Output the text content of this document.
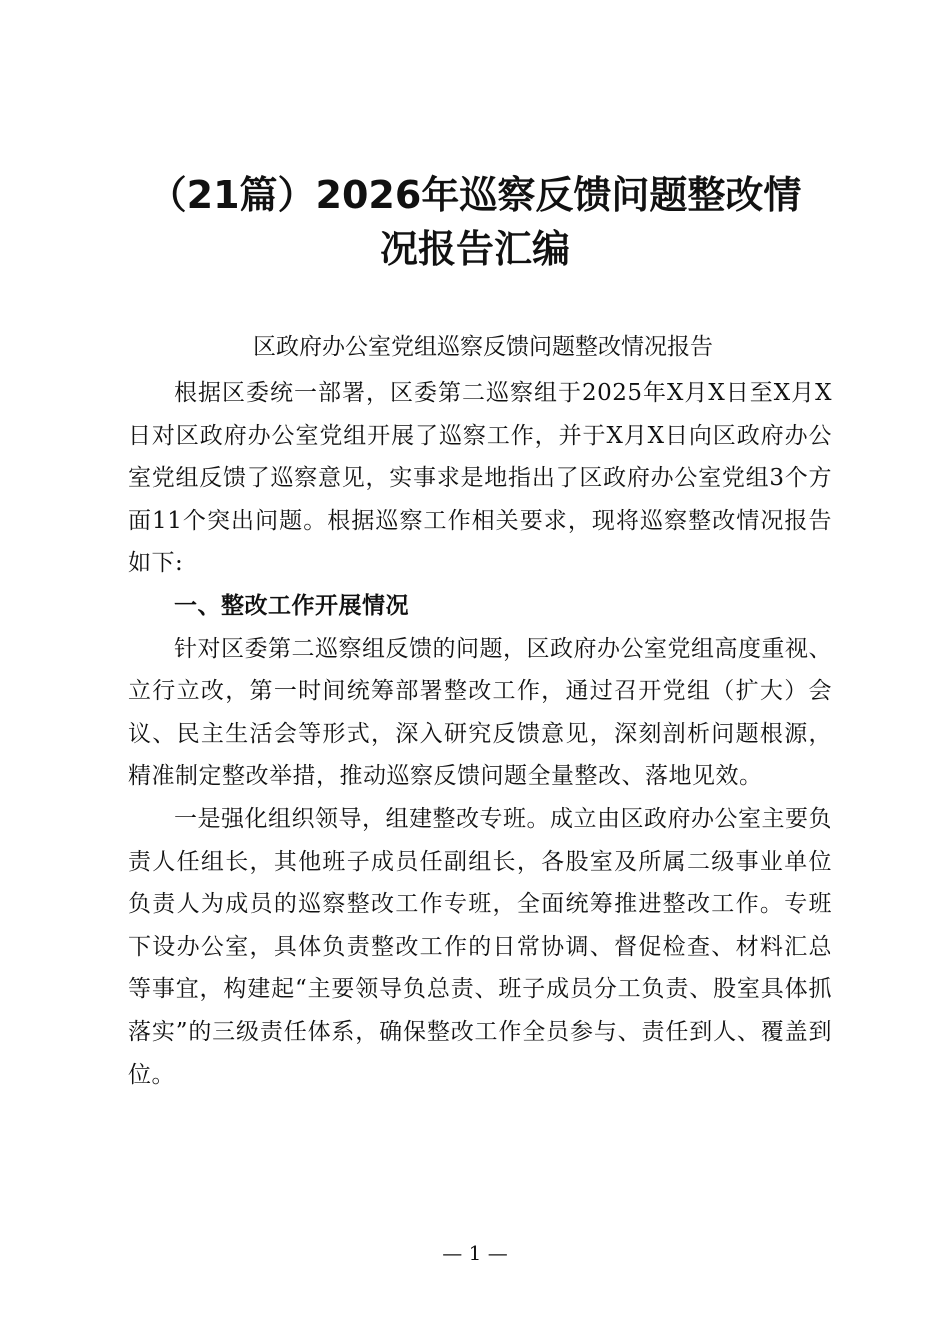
（21篇）2026年巡察反馈问题整改情
况报告汇编

区政府办公室党组巡察反馈问题整改情况报告

根据区委统一部署，区委第二巡察组于2025年X月X日至X月X日对区政府办公室党组开展了巡察工作，并于X月X日向区政府办公室党组反馈了巡察意见，实事求是地指出了区政府办公室党组3个方面11个突出问题。根据巡察工作相关要求，现将巡察整改情况报告如下:

一、整改工作开展情况

针对区委第二巡察组反馈的问题，区政府办公室党组高度重视、立行立改，第一时间统筹部署整改工作，通过召开党组（扩大）会议、民主生活会等形式，深入研究反馈意见，深刻剖析问题根源，精准制定整改举措，推动巡察反馈问题全量整改、落地见效。

一是强化组织领导，组建整改专班。成立由区政府办公室主要负责人任组长，其他班子成员任副组长，各股室及所属二级事业单位负责人为成员的巡察整改工作专班，全面统筹推进整改工作。专班下设办公室，具体负责整改工作的日常协调、督促检查、材料汇总等事宜，构建起“主要领导负总责、班子成员分工负责、股室具体抓落实”的三级责任体系，确保整改工作全员参与、责任到人、覆盖到位。

— 1 —
